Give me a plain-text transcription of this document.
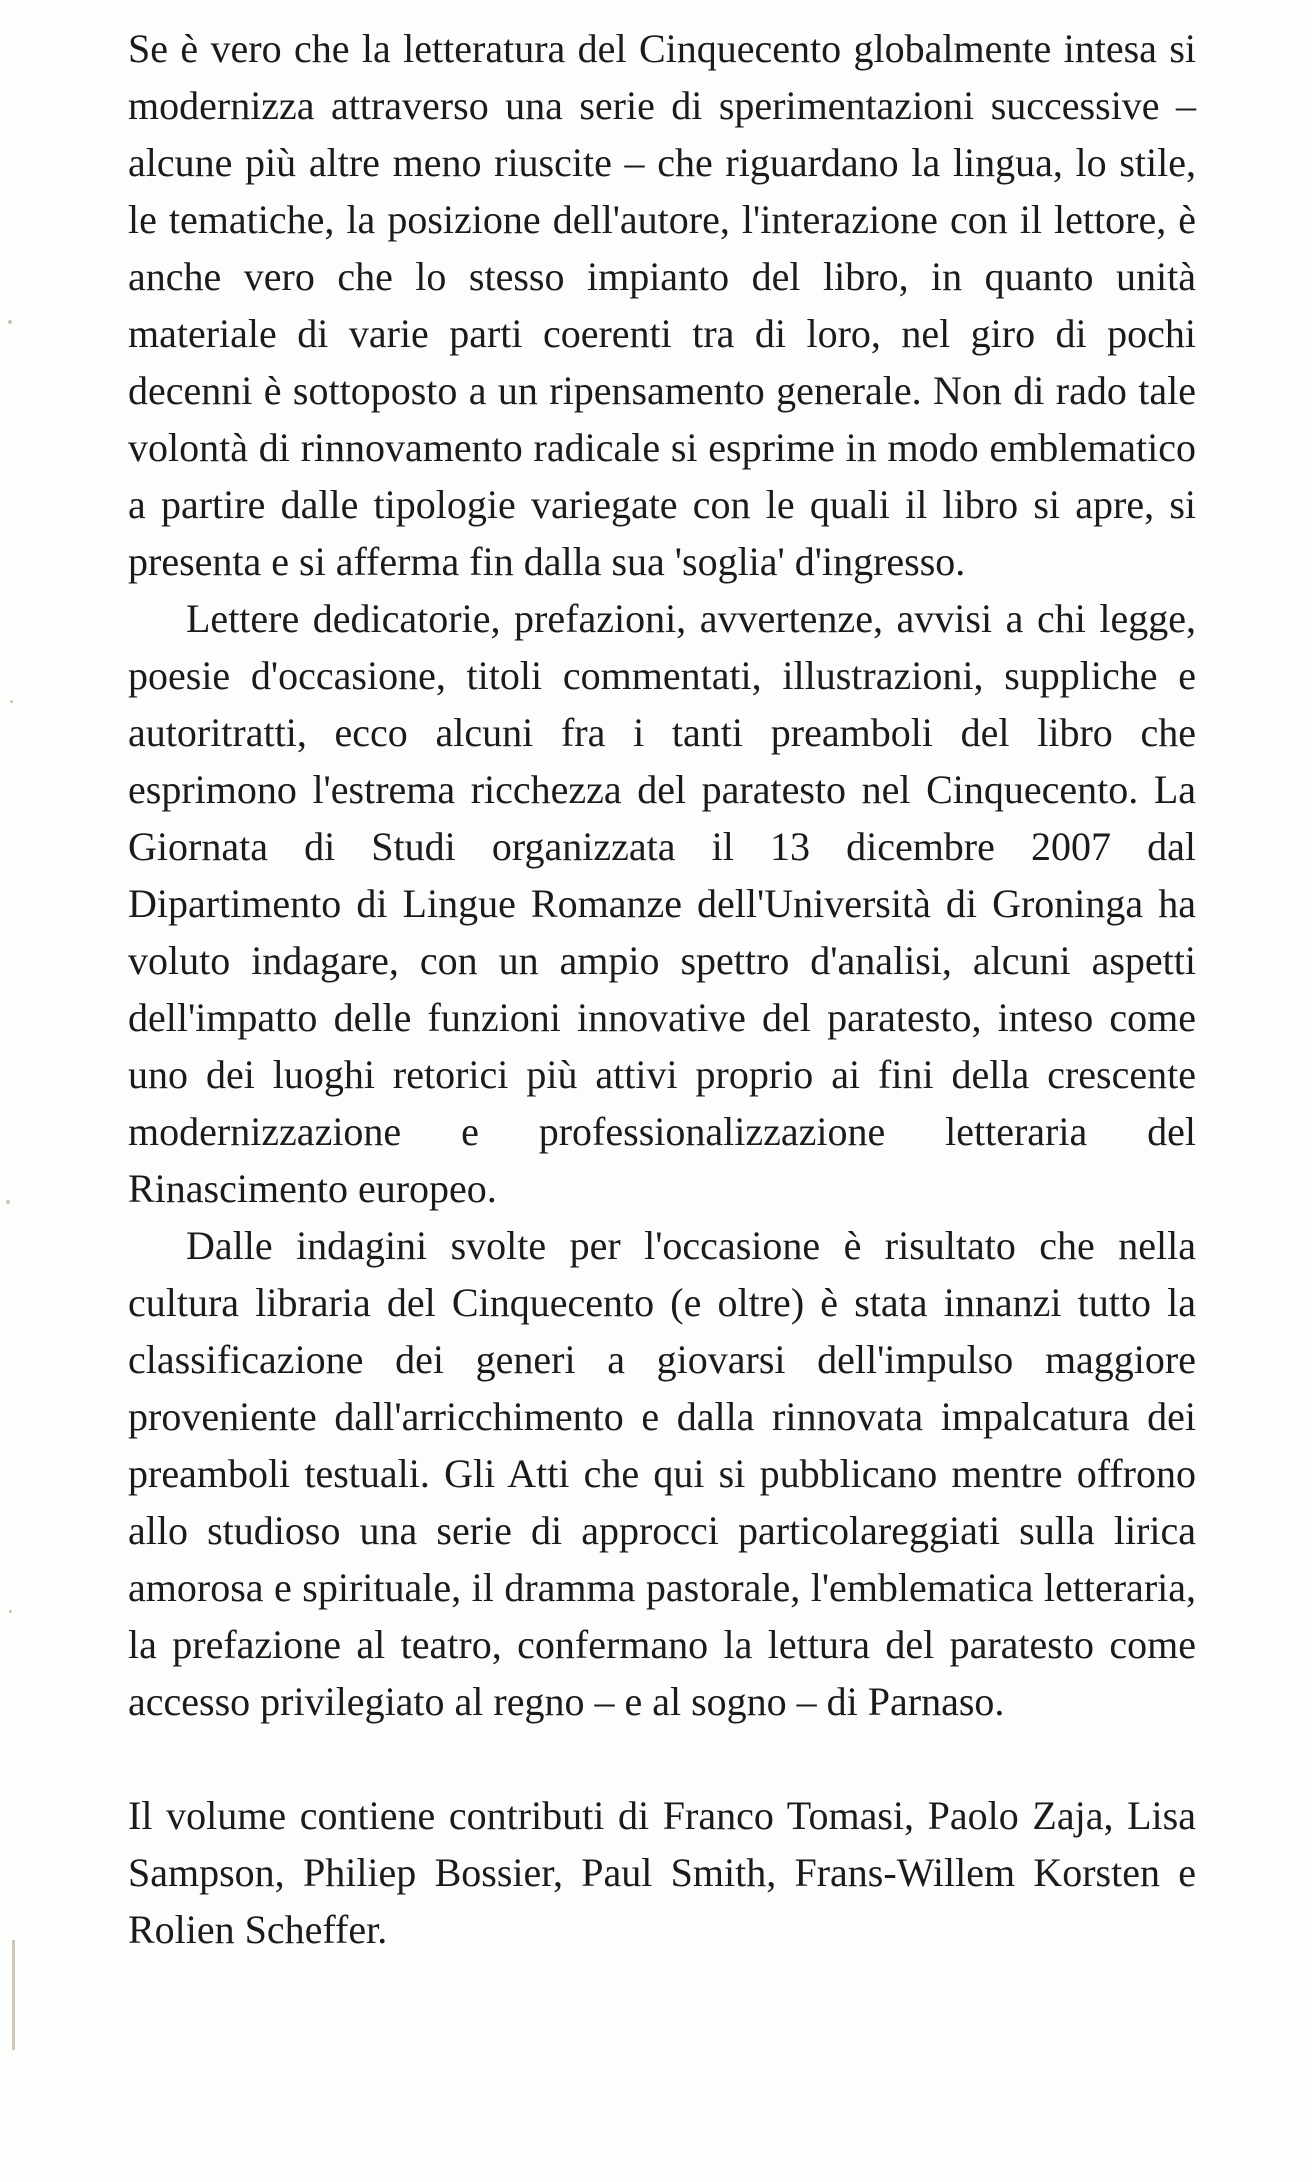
Se è vero che la letteratura del Cinquecento globalmente intesa si modernizza attraverso una serie di sperimentazioni successive – alcune più altre meno riuscite – che riguardano la lingua, lo stile, le tematiche, la posizione dell'autore, l'interazione con il lettore, è anche vero che lo stesso impianto del libro, in quanto unità materiale di varie parti coerenti tra di loro, nel giro di pochi decenni è sottoposto a un ripensamento generale. Non di rado tale volontà di rinnovamento radicale si esprime in modo emblematico a partire dalle tipologie variegate con le quali il libro si apre, si presenta e si afferma fin dalla sua 'soglia' d'ingresso.

Lettere dedicatorie, prefazioni, avvertenze, avvisi a chi legge, poesie d'occasione, titoli commentati, illustrazioni, suppliche e autoritratti, ecco alcuni fra i tanti preamboli del libro che esprimono l'estrema ricchezza del paratesto nel Cinquecento. La Giornata di Studi organizzata il 13 dicembre 2007 dal Dipartimento di Lingue Romanze dell'Università di Groninga ha voluto indagare, con un ampio spettro d'analisi, alcuni aspetti dell'impatto delle funzioni innovative del paratesto, inteso come uno dei luoghi retorici più attivi proprio ai fini della crescente modernizzazione e professionalizzazione letteraria del Rinascimento europeo.

Dalle indagini svolte per l'occasione è risultato che nella cultura libraria del Cinquecento (e oltre) è stata innanzi tutto la classificazione dei generi a giovarsi dell'impulso maggiore proveniente dall'arricchimento e dalla rinnovata impalcatura dei preamboli testuali. Gli Atti che qui si pubblicano mentre offrono allo studioso una serie di approcci particolareggiati sulla lirica amorosa e spirituale, il dramma pastorale, l'emblematica letteraria, la prefazione al teatro, confermano la lettura del paratesto come accesso privilegiato al regno – e al sogno – di Parnaso.

Il volume contiene contributi di Franco Tomasi, Paolo Zaja, Lisa Sampson, Philiep Bossier, Paul Smith, Frans-Willem Korsten e Rolien Scheffer.
